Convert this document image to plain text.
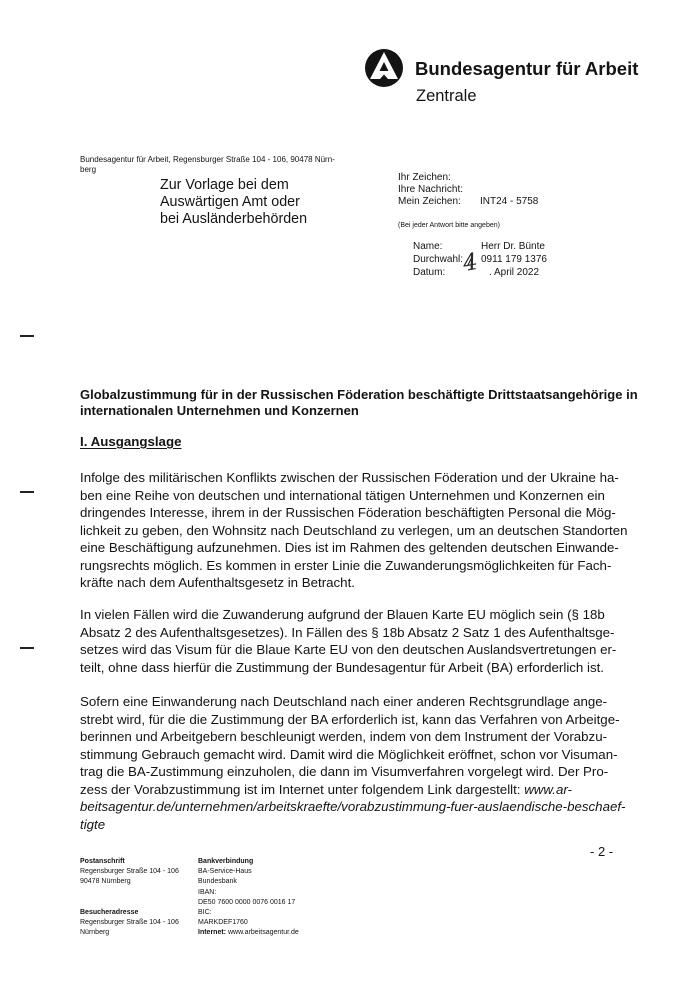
Bundesagentur für Arbeit
Zentrale
Bundesagentur für Arbeit, Regensburger Straße 104 - 106, 90478 Nürn-
berg
Zur Vorlage bei dem
Auswärtigen Amt oder
bei Ausländerbehörden
Ihr Zeichen:
Ihre Nachricht:
Mein Zeichen:	INT24 - 5758
(Bei jeder Antwort bitte angeben)
Name:	Herr Dr. Bünte
Durchwahl:	0911 179 1376
Datum: 4 . April 2022
Globalzustimmung für in der Russischen Föderation beschäftigte Drittstaatsangehörige in
internationalen Unternehmen und Konzernen
I. Ausgangslage
Infolge des militärischen Konflikts zwischen der Russischen Föderation und der Ukraine ha-
ben eine Reihe von deutschen und international tätigen Unternehmen und Konzernen ein
dringendes Interesse, ihrem in der Russischen Föderation beschäftigten Personal die Mög-
lichkeit zu geben, den Wohnsitz nach Deutschland zu verlegen, um an deutschen Standorten
eine Beschäftigung aufzunehmen. Dies ist im Rahmen des geltenden deutschen Einwande-
rungsrechts möglich. Es kommen in erster Linie die Zuwanderungsmöglichkeiten für Fach-
kräfte nach dem Aufenthaltsgesetz in Betracht.
In vielen Fällen wird die Zuwanderung aufgrund der Blauen Karte EU möglich sein (§ 18b
Absatz 2 des Aufenthaltsgesetzes). In Fällen des § 18b Absatz 2 Satz 1 des Aufenthaltsge-
setzes wird das Visum für die Blaue Karte EU von den deutschen Auslandsvertretungen er-
teilt, ohne dass hierfür die Zustimmung der Bundesagentur für Arbeit (BA) erforderlich ist.
Sofern eine Einwanderung nach Deutschland nach einer anderen Rechtsgrundlage ange-
strebt wird, für die die Zustimmung der BA erforderlich ist, kann das Verfahren von Arbeitge-
berinnen und Arbeitgebern beschleunigt werden, indem von dem Instrument der Vorabzu-
stimmung Gebrauch gemacht wird. Damit wird die Möglichkeit eröffnet, schon vor Visuman-
trag die BA-Zustimmung einzuholen, die dann im Visumverfahren vorgelegt wird. Der Pro-
zess der Vorabzustimmung ist im Internet unter folgendem Link dargestellt: www.ar-
beitsagentur.de/unternehmen/arbeitskraefte/vorabzustimmung-fuer-auslaendische-beschaef-
tigte
- 2 -
Postanschrift
Regensburger Straße 104 - 106
90478 Nürnberg
Besucheradresse
Regensburger Straße 104 - 106
Nürnberg
Bankverbindung
BA-Service-Haus
Bundesbank
IBAN:
DE50 7600 0000 0076 0016 17
BIC:
MARKDEF1760
Internet: www.arbeitsagentur.de
